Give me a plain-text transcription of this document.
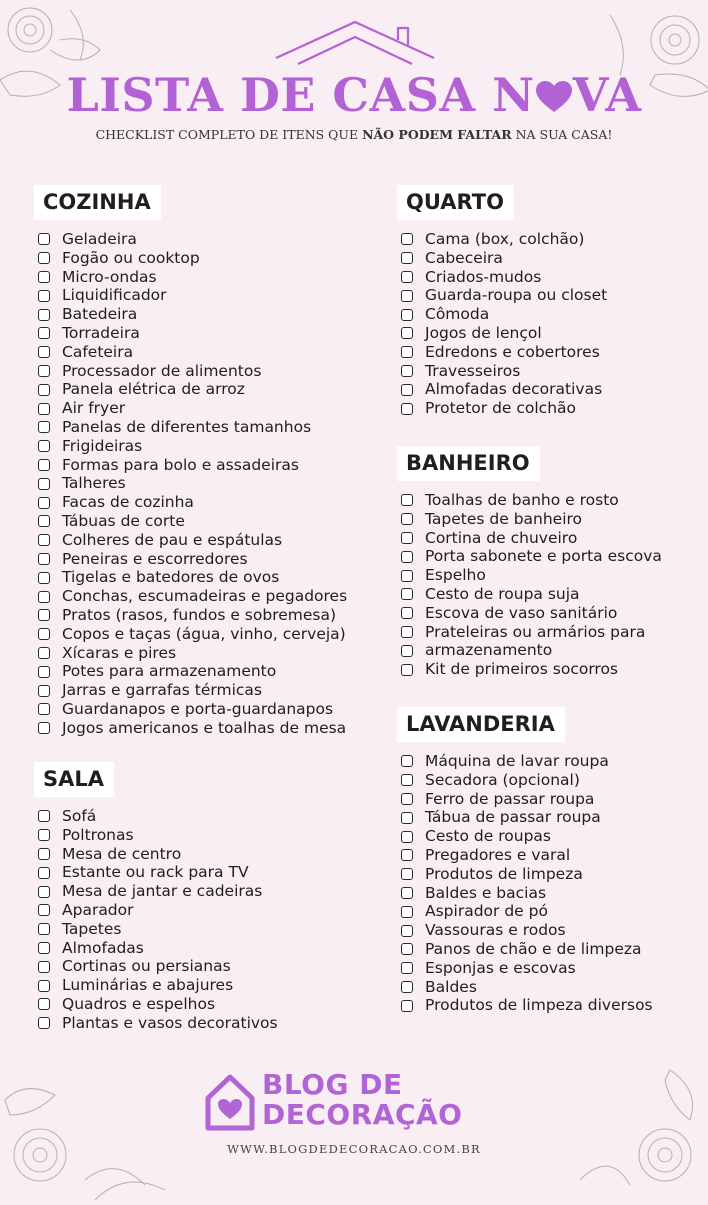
LISTA DE CASA N VA
CHECKLIST COMPLETO DE ITENS QUE NÃO PODEM FALTAR NA SUA CASA!
COZINHA
Geladeira
Fogão ou cooktop
Micro-ondas
Liquidificador
Batedeira
Torradeira
Cafeteira
Processador de alimentos
Panela elétrica de arroz
Air fryer
Panelas de diferentes tamanhos
Frigideiras
Formas para bolo e assadeiras
Talheres
Facas de cozinha
Tábuas de corte
Colheres de pau e espátulas
Peneiras e escorredores
Tigelas e batedores de ovos
Conchas, escumadeiras e pegadores
Pratos (rasos, fundos e sobremesa)
Copos e taças (água, vinho, cerveja)
Xícaras e pires
Potes para armazenamento
Jarras e garrafas térmicas
Guardanapos e porta-guardanapos
Jogos americanos e toalhas de mesa
SALA
Sofá
Poltronas
Mesa de centro
Estante ou rack para TV
Mesa de jantar e cadeiras
Aparador
Tapetes
Almofadas
Cortinas ou persianas
Luminárias e abajures
Quadros e espelhos
Plantas e vasos decorativos
QUARTO
Cama (box, colchão)
Cabeceira
Criados-mudos
Guarda-roupa ou closet
Cômoda
Jogos de lençol
Edredons e cobertores
Travesseiros
Almofadas decorativas
Protetor de colchão
BANHEIRO
Toalhas de banho e rosto
Tapetes de banheiro
Cortina de chuveiro
Porta sabonete e porta escova
Espelho
Cesto de roupa suja
Escova de vaso sanitário
Prateleiras ou armários para
armazenamento
Kit de primeiros socorros
LAVANDERIA
Máquina de lavar roupa
Secadora (opcional)
Ferro de passar roupa
Tábua de passar roupa
Cesto de roupas
Pregadores e varal
Produtos de limpeza
Baldes e bacias
Aspirador de pó
Vassouras e rodos
Panos de chão e de limpeza
Esponjas e escovas
Baldes
Produtos de limpeza diversos
BLOG DE
DECORAÇÃO
WWW.BLOGDEDECORACAO.COM.BR
